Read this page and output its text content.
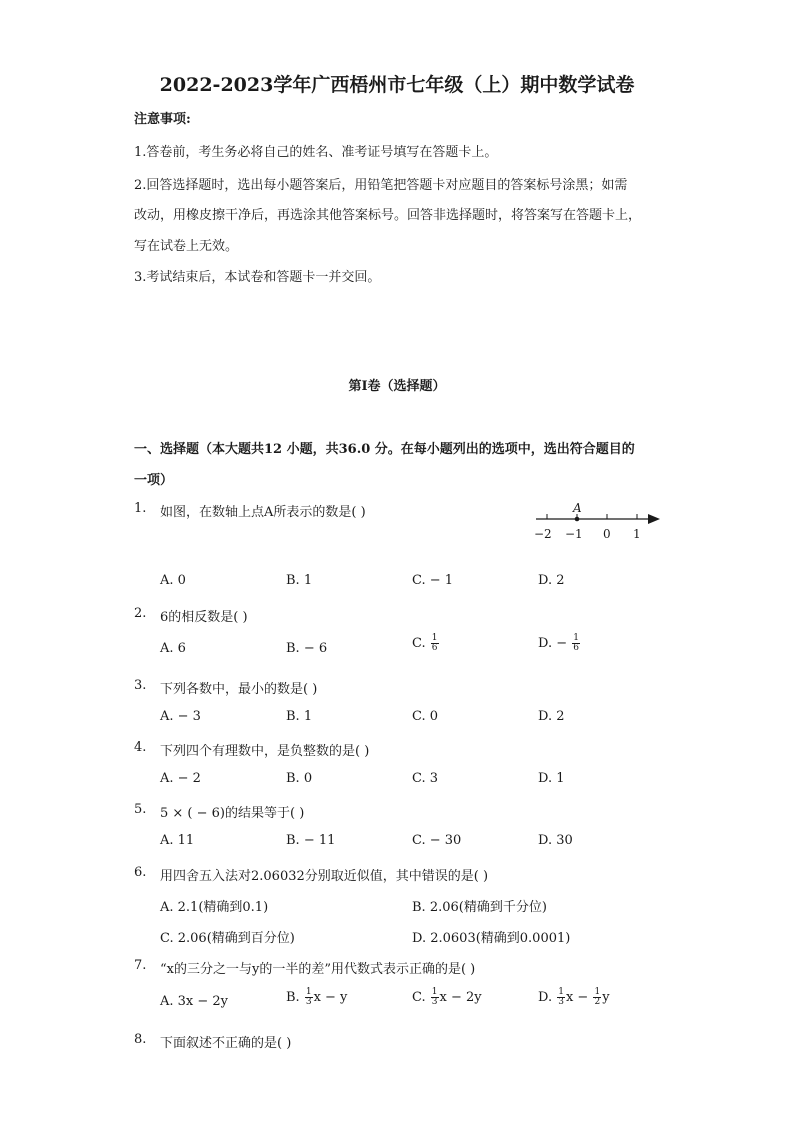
2022-2023学年广西梧州市七年级（上）期中数学试卷
注意事项:
1.答卷前，考生务必将自己的姓名、准考证号填写在答题卡上。
2.回答选择题时，选出每小题答案后，用铅笔把答题卡对应题目的答案标号涂黑；如需
改动，用橡皮擦干净后，再选涂其他答案标号。回答非选择题时，将答案写在答题卡上，
写在试卷上无效。
3.考试结束后，本试卷和答题卡一并交回。
第Ⅰ卷（选择题）
一、选择题（本大题共12 小题，共36.0 分。在每小题列出的选项中，选出符合题目的
一项）
1. 如图，在数轴上点A所表示的数是( )	A
−2 −1 0 1
A. 0	B. 1	C. − 1	D. 2
2. 6的相反数是( )
A. 6	B. − 6	C. $\frac{1}{6}$	D. − $\frac{1}{6}$
3. 下列各数中，最小的数是( )
A. − 3	B. 1	C. 0	D. 2
4. 下列四个有理数中，是负整数的是( )
A. − 2	B. 0	C. 3	D. 1
5. 5 × ( − 6)的结果等于( )
A. 11	B. − 11	C. − 30	D. 30
6. 用四舍五入法对2.06032分别取近似值，其中错误的是( )
A. 2.1(精确到0.1)	B. 2.06(精确到千分位)
C. 2.06(精确到百分位)	D. 2.0603(精确到0.0001)
7. “x的三分之一与y的一半的差”用代数式表示正确的是( )
A. 3x − 2y	B. $\frac{1}{3}$ x − y	C. $\frac{1}{3}$ x − 2y	D. $\frac{1}{3}$ $x - \frac{1}{2}$ y
8. 下面叙述不正确的是( )
